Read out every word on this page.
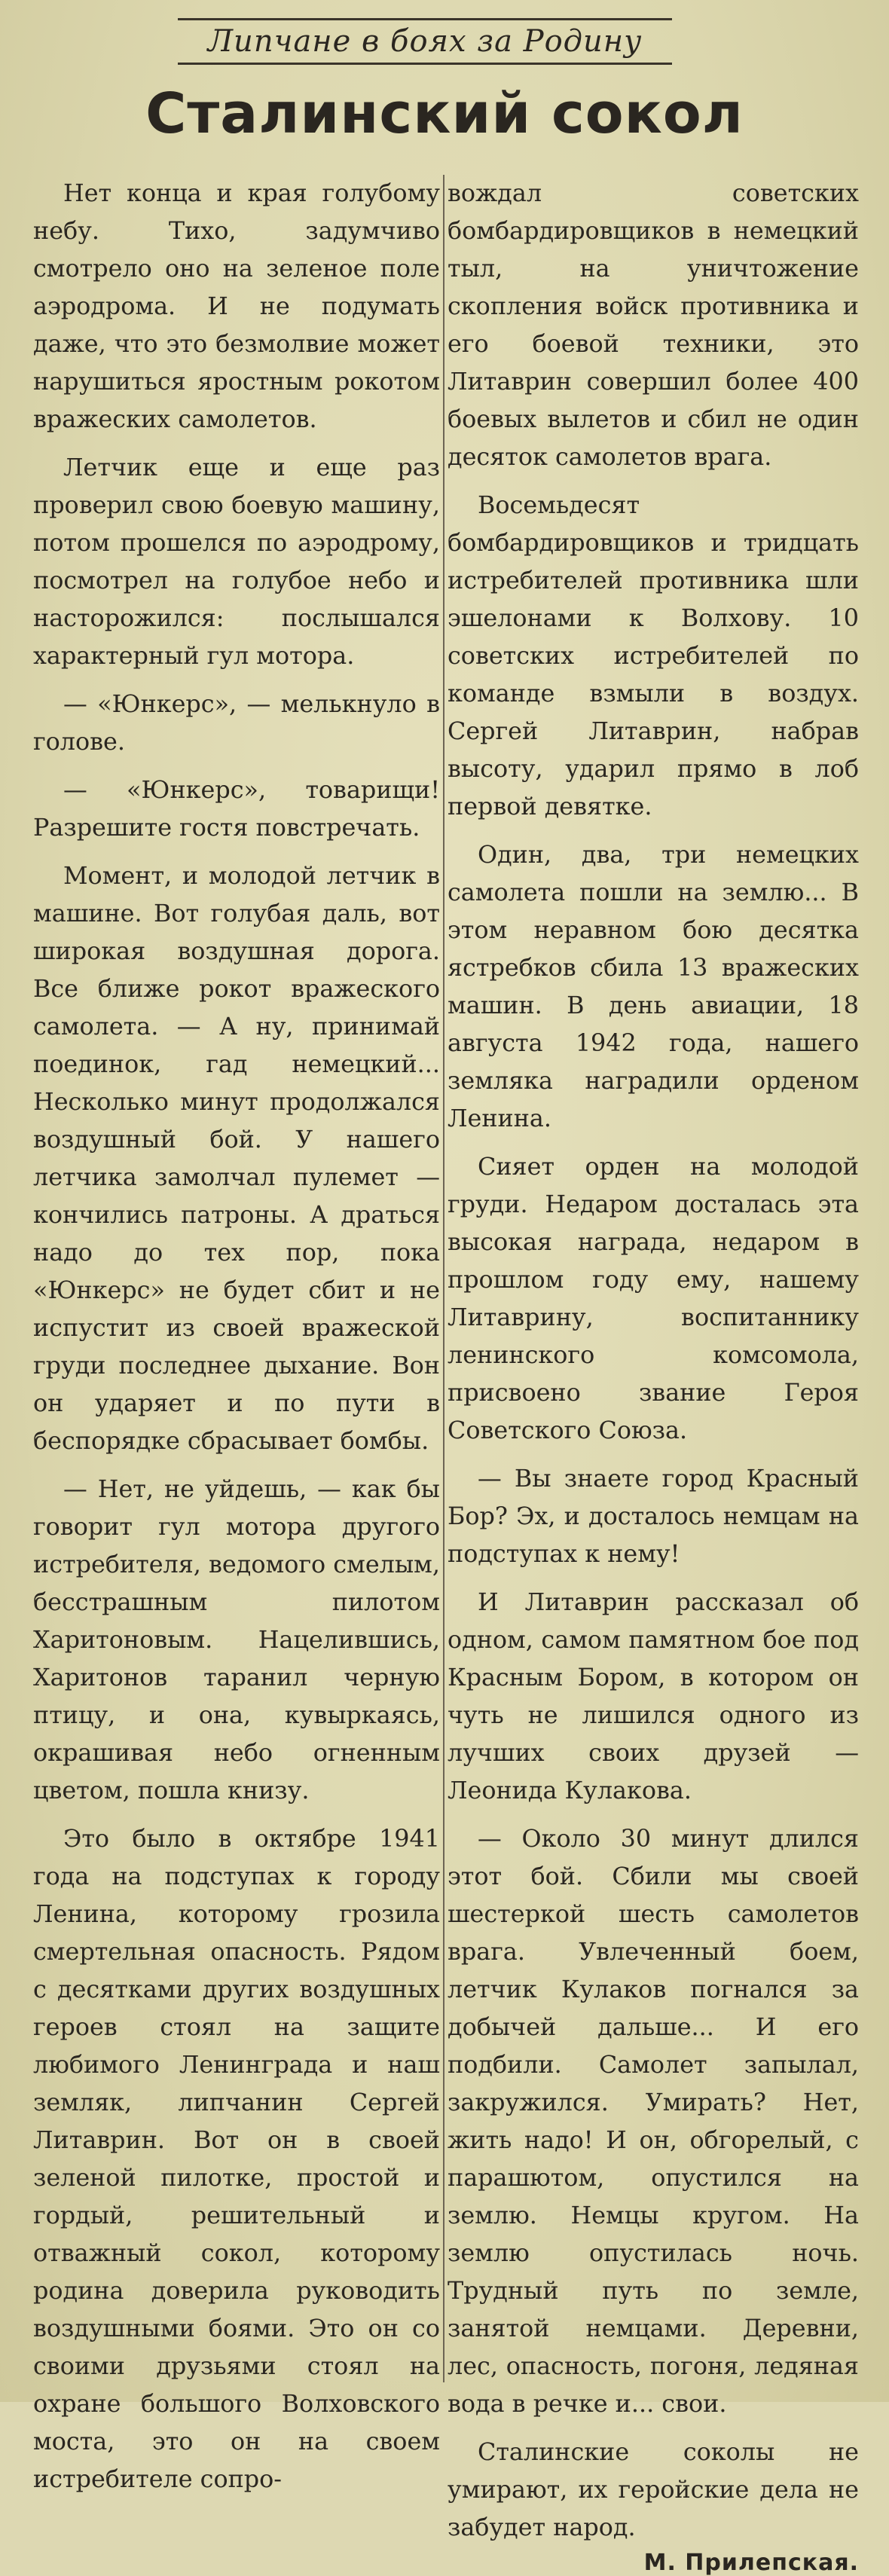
Липчане в боях за Родину
Сталинский сокол

Нет конца и края голубому небу. Тихо, задумчиво смотрело оно на зеленое поле аэродрома. И не подумать даже, что это безмолвие может нарушиться яростным рокотом вражеских самолетов.

Летчик еще и еще раз проверил свою боевую машину, потом прошелся по аэродрому, посмотрел на голубое небо и насторожился: послышался характерный гул мотора.

— «Юнкерс», — мелькнуло в голове.

— «Юнкерс», товарищи! Разрешите гостя повстречать.

Момент, и молодой летчик в машине. Вот голубая даль, вот широкая воздушная дорога. Все ближе рокот вражеского самолета. — А ну, принимай поединок, гад немецкий... Несколько минут продолжался воздушный бой. У нашего летчика замолчал пулемет — кончились патроны. А драться надо до тех пор, пока «Юнкерс» не будет сбит и не испустит из своей вражеской груди последнее дыхание. Вон он ударяет и по пути в беспорядке сбрасывает бомбы.

— Нет, не уйдешь, — как бы говорит гул мотора другого истребителя, ведомого смелым, бесстрашным пилотом Харитоновым. Нацелившись, Харитонов таранил черную птицу, и она, кувыркаясь, окрашивая небо огненным цветом, пошла книзу.

Это было в октябре 1941 года на подступах к городу Ленина, которому грозила смертельная опасность. Рядом с десятками других воздушных героев стоял на защите любимого Ленинграда и наш земляк, липчанин Сергей Литаврин. Вот он в своей зеленой пилотке, простой и гордый, решительный и отважный сокол, которому родина доверила руководить воздушными боями. Это он со своими друзьями стоял на охране большого Волховского моста, это он на своем истребителе сопро-

вождал советских бомбардировщиков в немецкий тыл, на уничтожение скопления войск противника и его боевой техники, это Литаврин совершил более 400 боевых вылетов и сбил не один десяток самолетов врага.

Восемьдесят бомбардировщиков и тридцать истребителей противника шли эшелонами к Волхову. 10 советских истребителей по команде взмыли в воздух. Сергей Литаврин, набрав высоту, ударил прямо в лоб первой девятке.

Один, два, три немецких самолета пошли на землю... В этом неравном бою десятка ястребков сбила 13 вражеских машин. В день авиации, 18 августа 1942 года, нашего земляка наградили орденом Ленина.

Сияет орден на молодой груди. Недаром досталась эта высокая награда, недаром в прошлом году ему, нашему Литаврину, воспитаннику ленинского комсомола, присвоено звание Героя Советского Союза.

— Вы знаете город Красный Бор? Эх, и досталось немцам на подступах к нему!

И Литаврин рассказал об одном, самом памятном бое под Красным Бором, в котором он чуть не лишился одного из лучших своих друзей — Леонида Кулакова.

— Около 30 минут длился этот бой. Сбили мы своей шестеркой шесть самолетов врага. Увлеченный боем, летчик Кулаков погнался за добычей дальше... И его подбили. Самолет запылал, закружился. Умирать? Нет, жить надо! И он, обгорелый, с парашютом, опустился на землю. Немцы кругом. На землю опустилась ночь. Трудный путь по земле, занятой немцами. Деревни, лес, опасность, погоня, ледяная вода в речке и... свои.

Сталинские соколы не умирают, их геройские дела не забудет народ.

М. Прилепская.
